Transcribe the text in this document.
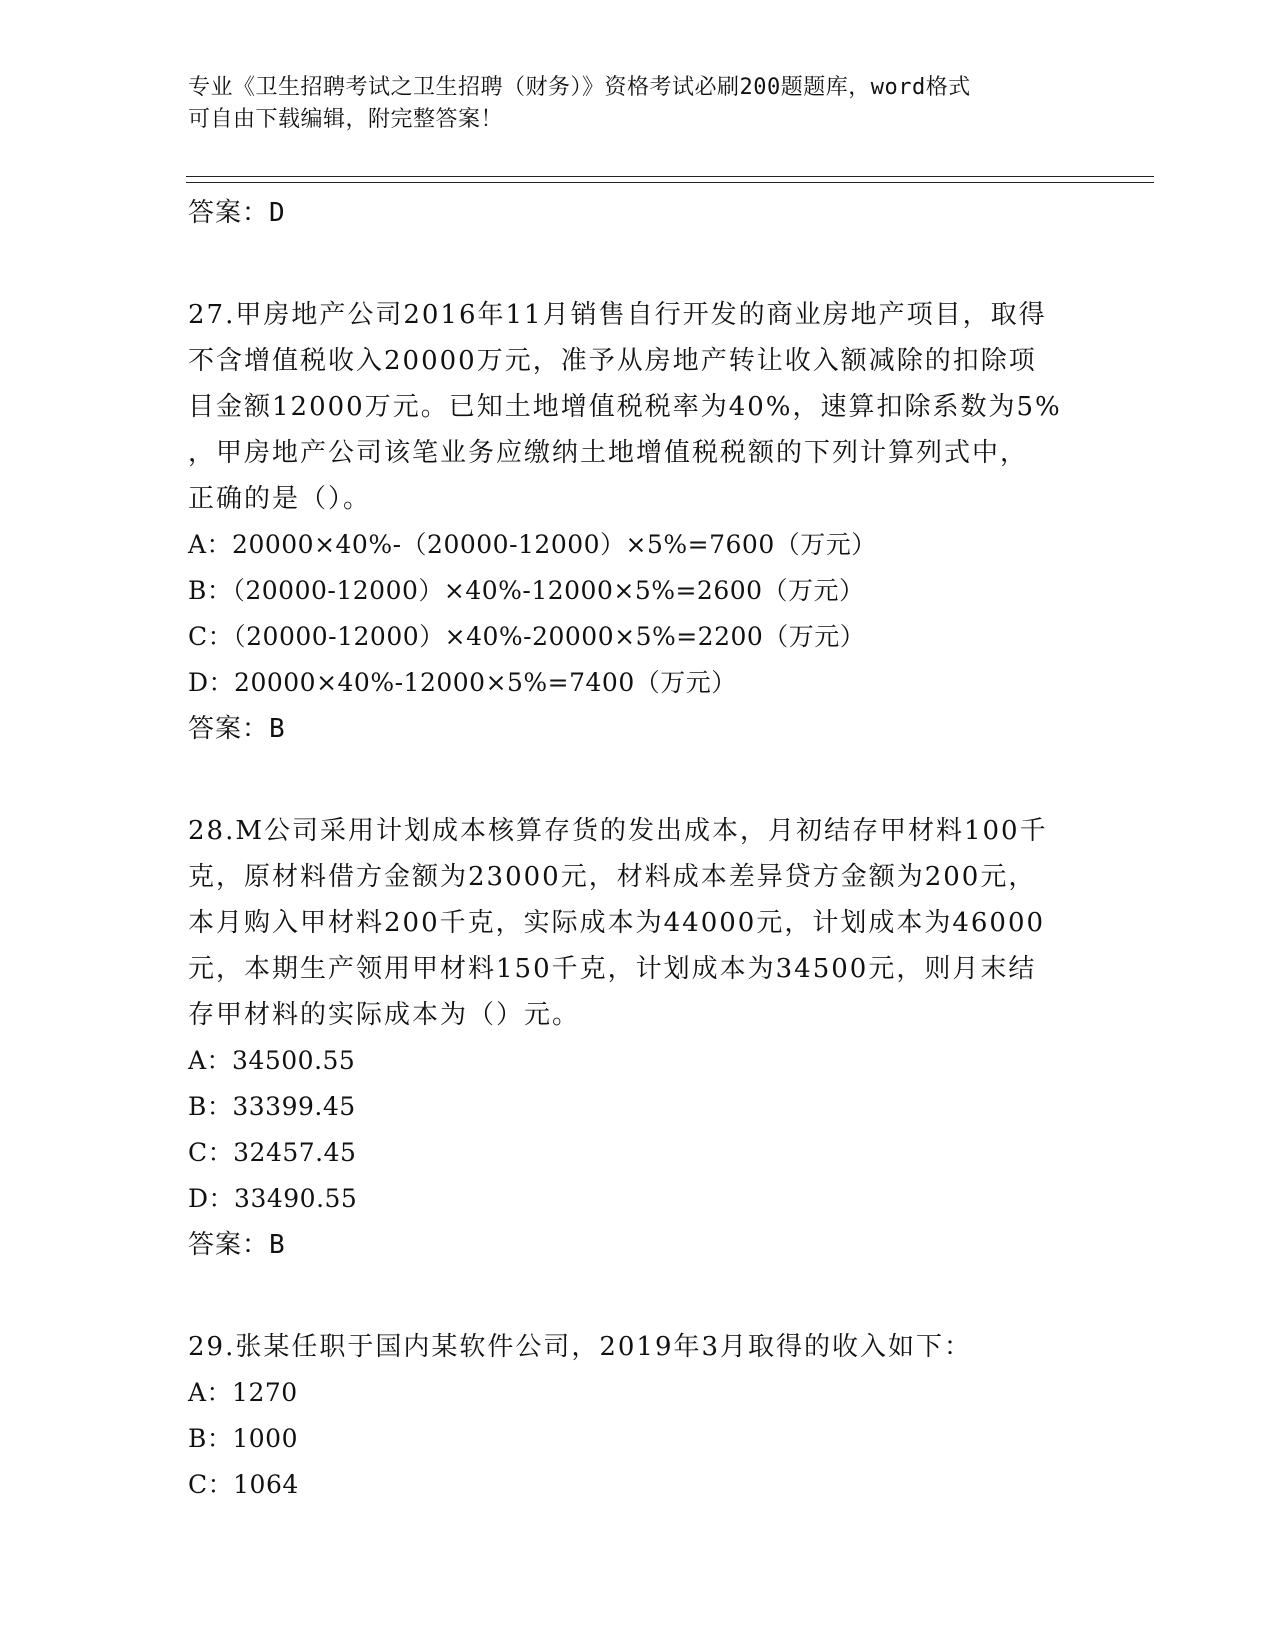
专业《卫生招聘考试之卫生招聘（财务）》资格考试必刷200题题库，word格式
可自由下载编辑，附完整答案！
答案：D
27.甲房地产公司2016年11月销售自行开发的商业房地产项目，取得
不含增值税收入20000万元，准予从房地产转让收入额减除的扣除项
目金额12000万元。已知土地增值税税率为40%，速算扣除系数为5%
，甲房地产公司该笔业务应缴纳土地增值税税额的下列计算列式中，
正确的是（）。
A：20000×40%-（20000-12000）×5%=7600（万元）
B：（20000-12000）×40%-12000×5%=2600（万元）
C：（20000-12000）×40%-20000×5%=2200（万元）
D：20000×40%-12000×5%=7400（万元）
答案：B
28.M公司采用计划成本核算存货的发出成本，月初结存甲材料100千
克，原材料借方金额为23000元，材料成本差异贷方金额为200元，
本月购入甲材料200千克，实际成本为44000元，计划成本为46000
元，本期生产领用甲材料150千克，计划成本为34500元，则月末结
存甲材料的实际成本为（）元。
A：34500.55
B：33399.45
C：32457.45
D：33490.55
答案：B
29.张某任职于国内某软件公司，2019年3月取得的收入如下：
A：1270
B：1000
C：1064
